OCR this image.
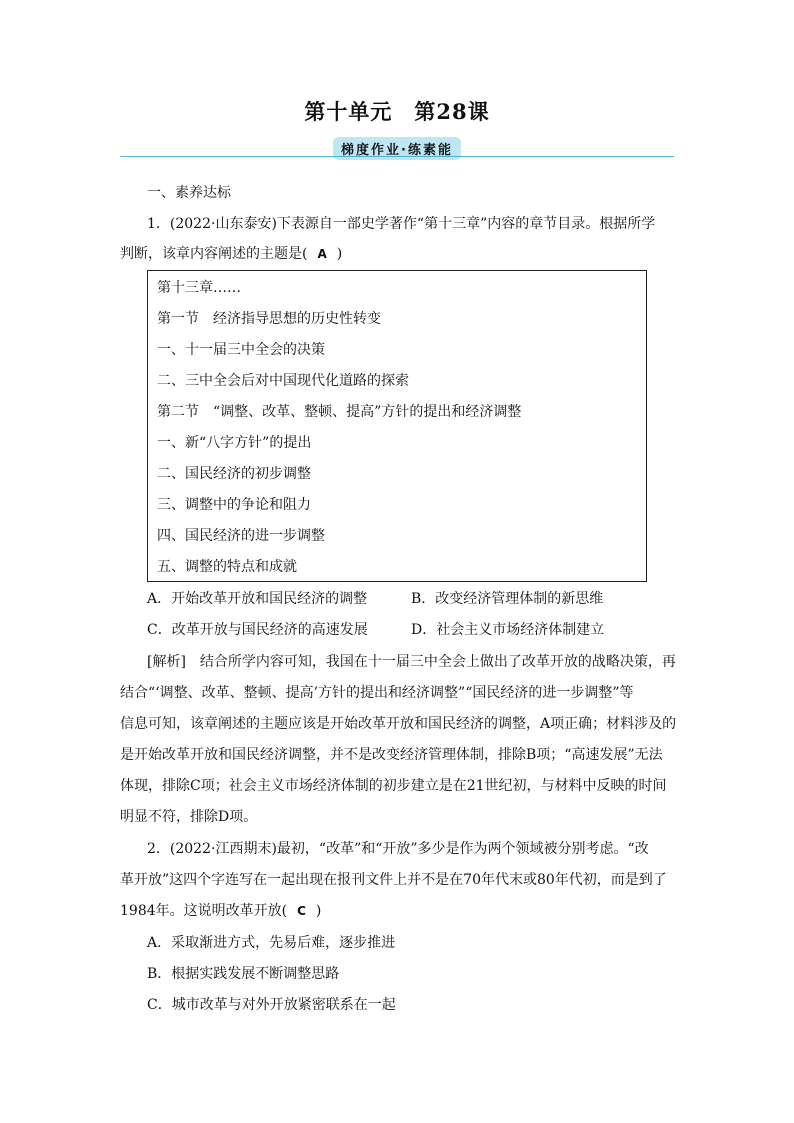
第十单元　第28课
梯度作业·练素能
一、素养达标
1．(2022·山东泰安)下表源自一部史学著作“第十三章”内容的章节目录。根据所学
判断，该章内容阐述的主题是( A )
第十三章……
第一节　经济指导思想的历史性转变
一、十一届三中全会的决策
二、三中全会后对中国现代化道路的探索
第二节　“调整、改革、整顿、提高”方针的提出和经济调整
一、新“八字方针”的提出
二、国民经济的初步调整
三、调整中的争论和阻力
四、国民经济的进一步调整
五、调整的特点和成就
A．开始改革开放和国民经济的调整	B．改变经济管理体制的新思维
C．改革开放与国民经济的高速发展	D．社会主义市场经济体制建立
[解析]　结合所学内容可知，我国在十一届三中全会上做出了改革开放的战略决策，再
结合“‘调整、改革、整顿、提高’方针的提出和经济调整”“国民经济的进一步调整”等
信息可知，该章阐述的主题应该是开始改革开放和国民经济的调整，A项正确；材料涉及的
是开始改革开放和国民经济调整，并不是改变经济管理体制，排除B项；“高速发展”无法
体现，排除C项；社会主义市场经济体制的初步建立是在21世纪初，与材料中反映的时间
明显不符，排除D项。
2．(2022·江西期末)最初，“改革”和“开放”多少是作为两个领域被分别考虑。“改
革开放”这四个字连写在一起出现在报刊文件上并不是在70年代末或80年代初，而是到了
1984年。这说明改革开放( C )
A．采取渐进方式，先易后难，逐步推进
B．根据实践发展不断调整思路
C．城市改革与对外开放紧密联系在一起
